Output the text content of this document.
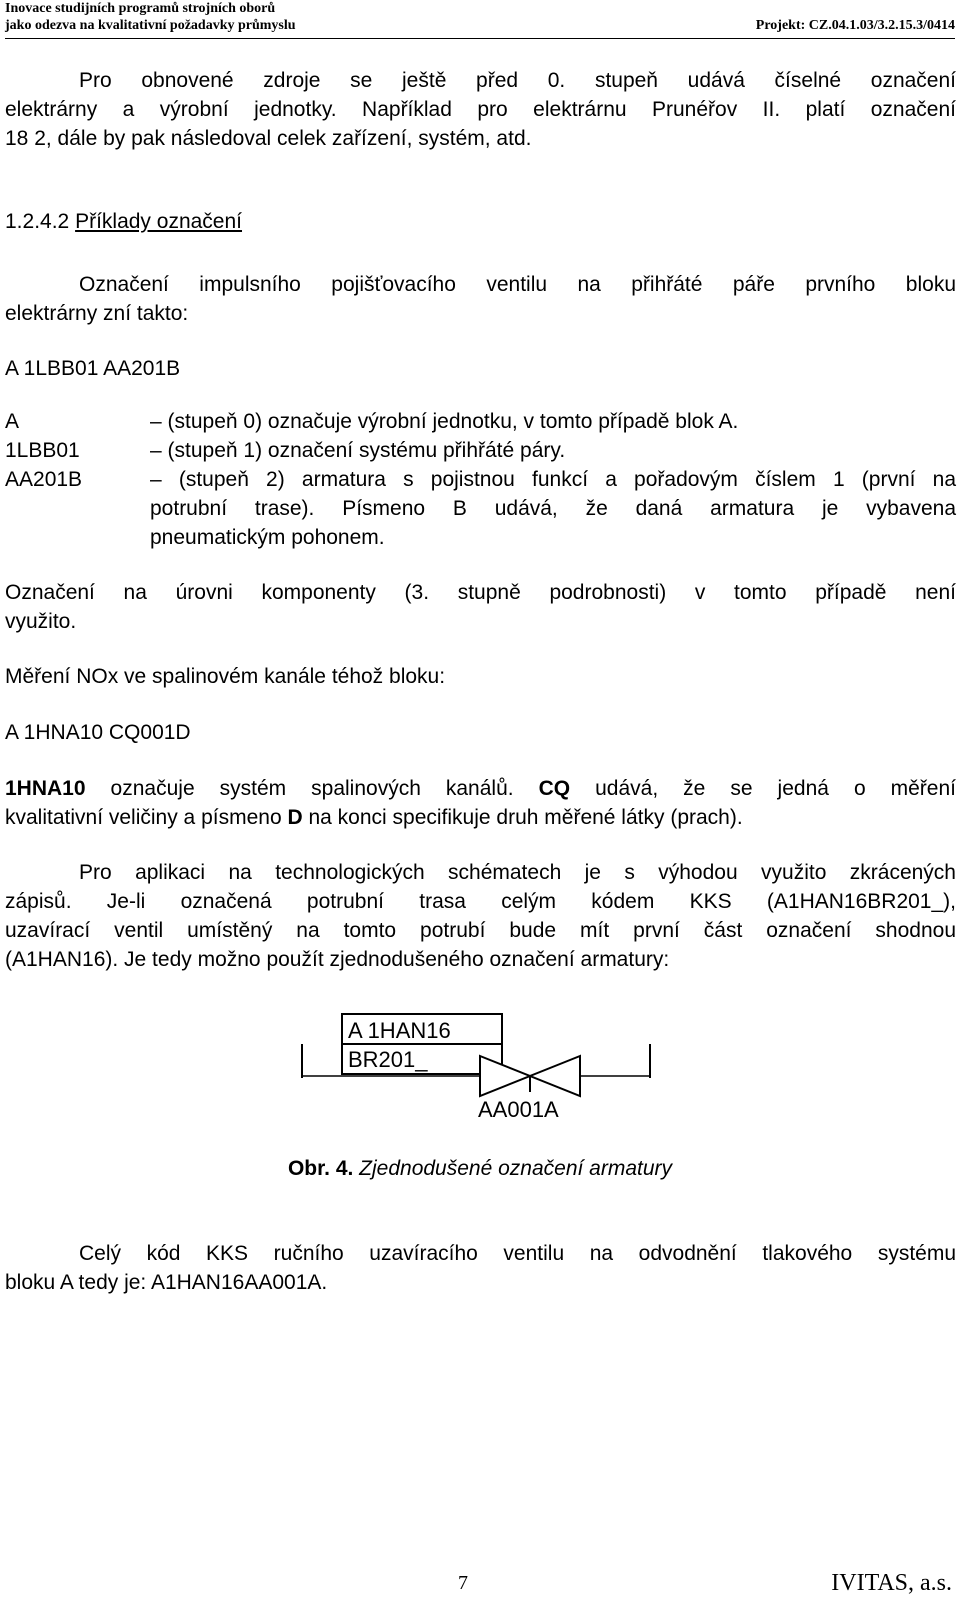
Inovace studijních programů strojních oborů
jako odezva na kvalitativní požadavky průmyslu	Projekt: CZ.04.1.03/3.2.15.3/0414
Pro obnovené zdroje se ještě před 0. stupeň udává číselné označení
elektrárny a výrobní jednotky. Například pro elektrárnu Prunéřov II. platí označení
18 2, dále by pak následoval celek zařízení, systém, atd.
1.2.4.2 Příklady označení
Označení impulsního pojišťovacího ventilu na přihřáté páře prvního bloku
elektrárny zní takto:
A 1LBB01 AA201B
A	– (stupeň 0) označuje výrobní jednotku, v tomto případě blok A.
1LBB01	– (stupeň 1) označení systému přihřáté páry.
AA201B	– (stupeň 2) armatura s pojistnou funkcí a pořadovým číslem 1 (první na
potrubní trase). Písmeno B udává, že daná armatura je vybavena
pneumatickým pohonem.
Označení na úrovni komponenty (3. stupně podrobnosti) v tomto případě není
využito.
Měření NOx ve spalinovém kanále téhož bloku:
A 1HNA10 CQ001D
1HNA10 označuje systém spalinových kanálů. CQ udává, že se jedná o měření
kvalitativní veličiny a písmeno D na konci specifikuje druh měřené látky (prach).
Pro aplikaci na technologických schématech je s výhodou využito zkrácených
zápisů. Je-li označená potrubní trasa celým kódem KKS (A1HAN16BR201_),
uzavírací ventil umístěný na tomto potrubí bude mít první část označení shodnou
(A1HAN16). Je tedy možno použít zjednodušeného označení armatury:
A 1HAN16
BR201_
AA001A
Obr. 4. Zjednodušené označení armatury
Celý kód KKS ručního uzavíracího ventilu na odvodnění tlakového systému
bloku A tedy je: A1HAN16AA001A.
7	IVITAS, a.s.
